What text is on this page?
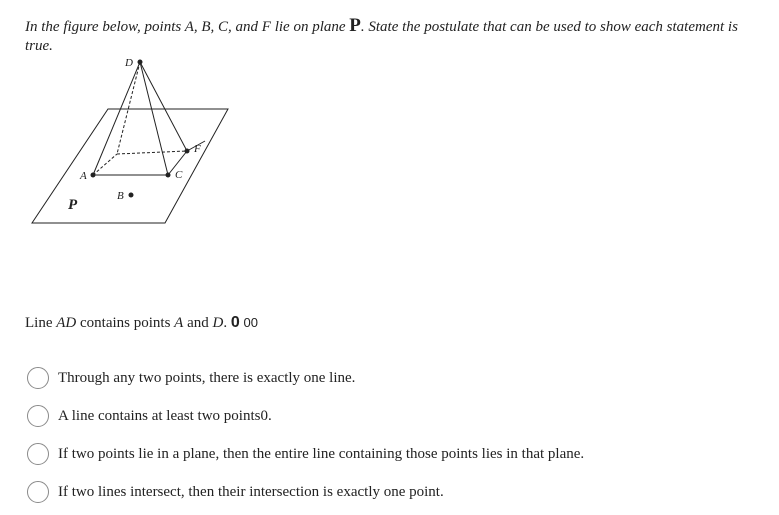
In the figure below, points A, B, C, and F lie on plane P. State the postulate that can be used to show each statement is true.
D
A
B
C
F
P
Line AD contains points A and D. 0 00
Through any two points, there is exactly one line.
A line contains at least two points0.
If two points lie in a plane, then the entire line containing those points lies in that plane.
If two lines intersect, then their intersection is exactly one point.
